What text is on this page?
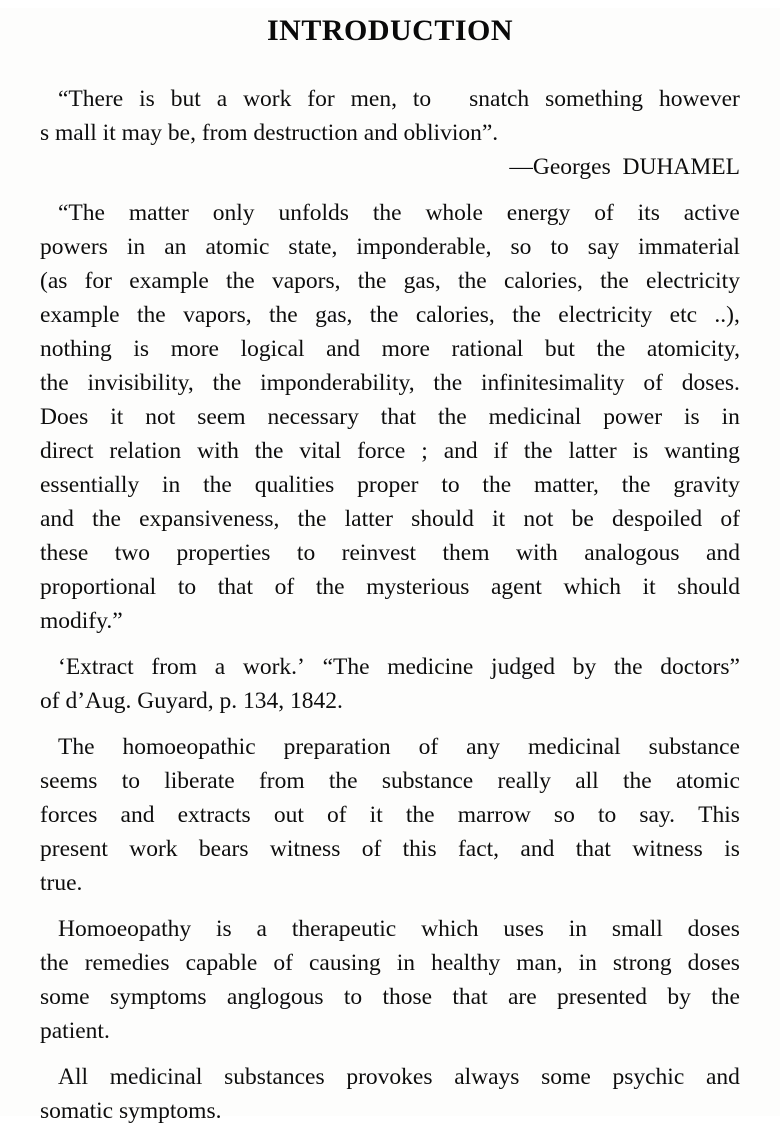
INTRODUCTION
“There is but a work for men, to snatch something however
s mall it may be, from destruction and oblivion”.
—Georges  DUHAMEL
“The matter only unfolds the whole energy of its active
powers in an atomic state, imponderable, so to say immaterial
(as for example the vapors, the gas, the calories, the electricity
example the vapors, the gas, the calories, the electricity etc ..),
nothing is more logical and more rational but the atomicity,
the invisibility, the imponderability, the infinitesimality of doses.
Does it not seem necessary that the medicinal power is in
direct relation with the vital force ; and if the latter is wanting
essentially in the qualities proper to the matter, the gravity
and the expansiveness, the latter should it not be despoiled of
these two properties to reinvest them with analogous and
proportional to that of the mysterious agent which it should
modify.”
‘Extract from a work.’ “The medicine judged by the doctors”
of d’Aug. Guyard, p. 134, 1842.
The homoeopathic preparation of any medicinal substance
seems to liberate from the substance really all the atomic
forces and extracts out of it the marrow so to say. This
present work bears witness of this fact, and that witness is
true.
Homoeopathy is a therapeutic which uses in small doses
the remedies capable of causing in healthy man, in strong doses
some symptoms anglogous to those that are presented by the
patient.
All medicinal substances provokes always some psychic and
somatic symptoms.
